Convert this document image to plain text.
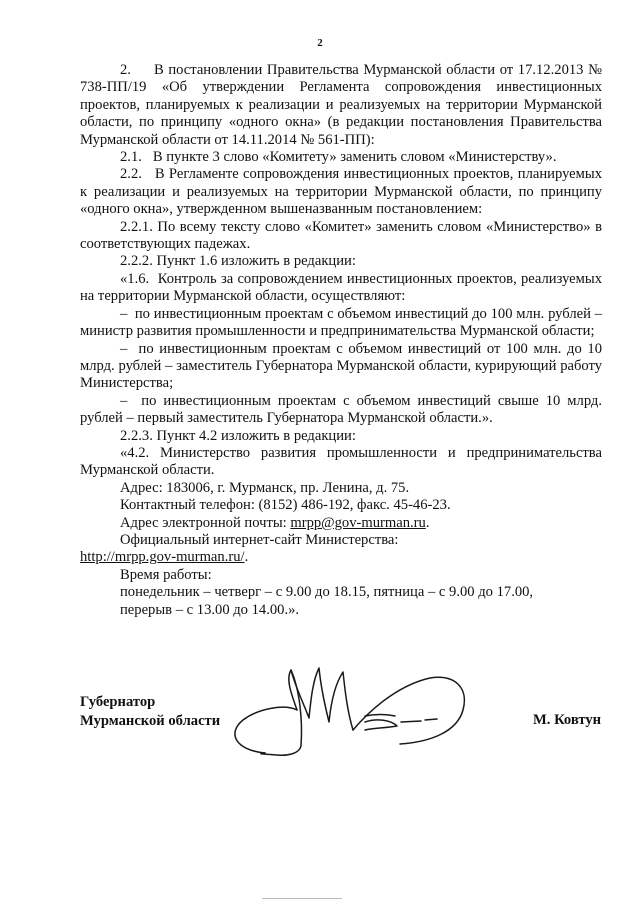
2

2.     В постановлении Правительства Мурманской области от 17.12.2013 № 738-ПП/19 «Об утверждении Регламента сопровождения инвестиционных проектов, планируемых к реализации и реализуемых на территории Мурманской области, по принципу «одного окна» (в редакции постановления Правительства Мурманской области от 14.11.2014 № 561-ПП):

2.1.   В пункте 3 слово «Комитету» заменить словом «Министерству».

2.2.   В Регламенте сопровождения инвестиционных проектов, планируемых к реализации и реализуемых на территории Мурманской области, по принципу «одного окна», утвержденном вышеназванным постановлением:

2.2.1. По всему тексту слово «Комитет» заменить словом «Министерство» в соответствующих падежах.

2.2.2. Пункт 1.6 изложить в редакции:

«1.6.  Контроль за сопровождением инвестиционных проектов, реализуемых на территории Мурманской области, осуществляют:

–  по инвестиционным проектам с объемом инвестиций до 100 млн. рублей – министр развития промышленности и предпринимательства Мурманской области;

–  по инвестиционным проектам с объемом инвестиций от 100 млн. до 10 млрд. рублей – заместитель Губернатора Мурманской области, курирующий работу Министерства;

–  по инвестиционным проектам с объемом инвестиций свыше 10 млрд. рублей – первый заместитель Губернатора Мурманской области.».

2.2.3. Пункт 4.2 изложить в редакции:

«4.2. Министерство развития промышленности и предпринимательства Мурманской области.

Адрес: 183006, г. Мурманск, пр. Ленина, д. 75.

Контактный телефон: (8152) 486-192, факс. 45-46-23.

Адрес электронной почты: mrpp@gov-murman.ru.

Официальный интернет-сайт Министерства:

http://mrpp.gov-murman.ru/.

Время работы:

понедельник – четверг – с 9.00 до 18.15, пятница – с 9.00 до 17.00,

перерыв – с 13.00 до 14.00.».

Губернатор
Мурманской области	М. Ковтун
